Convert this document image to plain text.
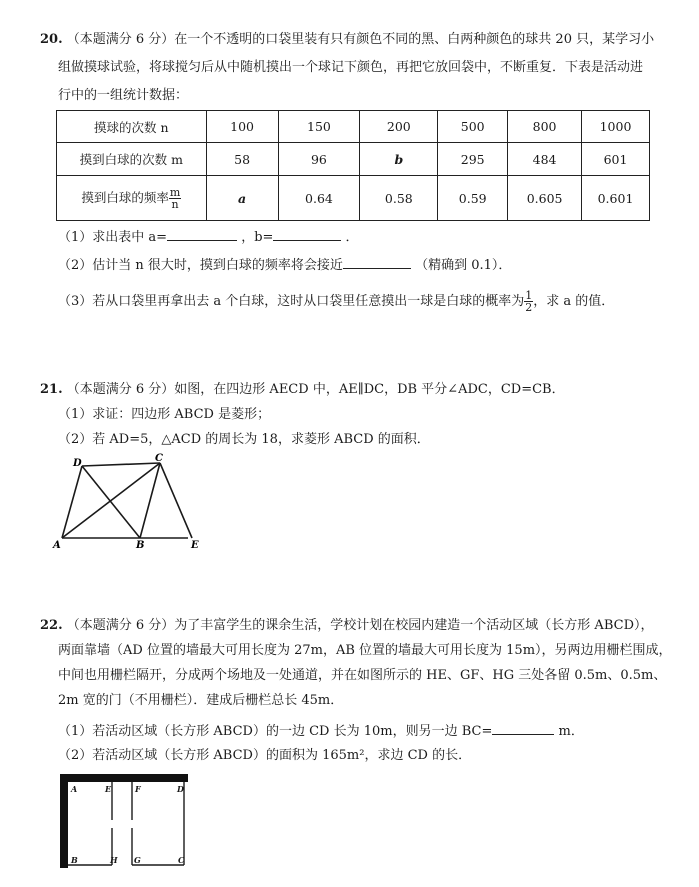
20. （本题满分 6 分）在一个不透明的口袋里装有只有颜色不同的黑、白两种颜色的球共 20 只，某学习小
组做摸球试验，将球搅匀后从中随机摸出一个球记下颜色，再把它放回袋中，不断重复．下表是活动进
行中的一组统计数据：
摸球的次数 n	100	150	200	500	800	1000
摸到白球的次数 m	58	96	b	295	484	601
摸到白球的频率 $\frac{m}{n}$	a	0.64	0.58	0.59	0.605	0.601
（1）求出表中 a=	，b=	．
（2）估计当 n 很大时，摸到白球的频率将会接近	（精确到 0.1）．
（3）若从口袋里再拿出去 a 个白球，这时从口袋里任意摸出一球是白球的概率为 $\frac{1}{2}$ ，求 a 的值．
21. （本题满分 6 分）如图，在四边形 AECD 中，AE∥DC，DB 平分∠ADC，CD=CB．
（1）求证：四边形 ABCD 是菱形；
（2）若 AD=5，△ACD 的周长为 18，求菱形 ABCD 的面积．
D	C
A	B	E
22. （本题满分 6 分）为了丰富学生的课余生活，学校计划在校园内建造一个活动区域（长方形 ABCD），
两面靠墙（AD 位置的墙最大可用长度为 27m，AB 位置的墙最大可用长度为 15m），另两边用栅栏围成，
中间也用栅栏隔开，分成两个场地及一处通道，并在如图所示的 HE、GF、HG 三处各留 0.5m、0.5m、
2m 宽的门（不用栅栏）．建成后栅栏总长 45m．
（1）若活动区域（长方形 ABCD）的一边 CD 长为 10m，则另一边 BC=	m．
（2）若活动区域（长方形 ABCD）的面积为 165m²，求边 CD 的长．
A	E	F	D
B	H G	C
